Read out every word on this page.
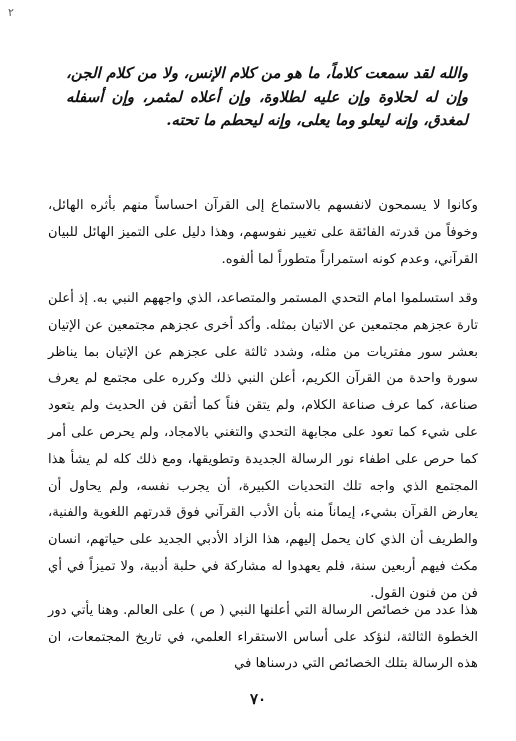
٢

والله لقد سمعت كلاماً، ما هو من كلام الإنس، ولا من كلام الجن، وإن له لحلاوة وإن عليه لطلاوة، وإن أعلاه لمثمر، وإن أسفله لمغدق، وإنه ليعلو وما يعلى، وإنه ليحطم ما تحته.

وكانوا لا يسمحون لانفسهم بالاستماع إلى القرآن احساساً منهم بأثره الهائل، وخوفاً من قدرته الفائقة على تغيير نفوسهم، وهذا دليل على التميز الهائل للبيان القرآني، وعدم كونه استمراراً متطوراً لما ألفوه.

وقد استسلموا امام التحدي المستمر والمتصاعد، الذي واجههم النبي به. إذ أعلن تارة عجزهم مجتمعين عن الاتيان بمثله. وأكد أخرى عجزهم مجتمعين عن الإتيان بعشر سور مفتريات من مثله، وشدد ثالثة على عجزهم عن الإتيان بما يناظر سورة واحدة من القرآن الكريم، أعلن النبي ذلك وكرره على مجتمع لم يعرف صناعة، كما عرف صناعة الكلام، ولم يتقن فناً كما أتقن فن الحديث ولم يتعود على شيء كما تعود على مجابهة التحدي والتغني بالامجاد، ولم يحرص على أمر كما حرص على اطفاء نور الرسالة الجديدة وتطويقها، ومع ذلك كله لم يشأ هذا المجتمع الذي واجه تلك التحديات الكبيرة، أن يجرب نفسه، ولم يحاول أن يعارض القرآن بشيء، إيماناً منه بأن الأدب القرآني فوق قدرتهم اللغوية والفنية، والطريف أن الذي كان يحمل إليهم، هذا الزاد الأدبي الجديد على حياتهم، انسان مكث فيهم أربعين سنة، فلم يعهدوا له مشاركة في حلبة أدبية، ولا تميزاً في أي فن من فنون القول.

هذا عدد من خصائص الرسالة التي أعلنها النبي ( ص ) على العالم. وهنا يأتي دور الخطوة الثالثة، لنؤكد على أساس الاستقراء العلمي، في تاريخ المجتمعات، ان هذه الرسالة بتلك الخصائص التي درسناها في

٧٠
